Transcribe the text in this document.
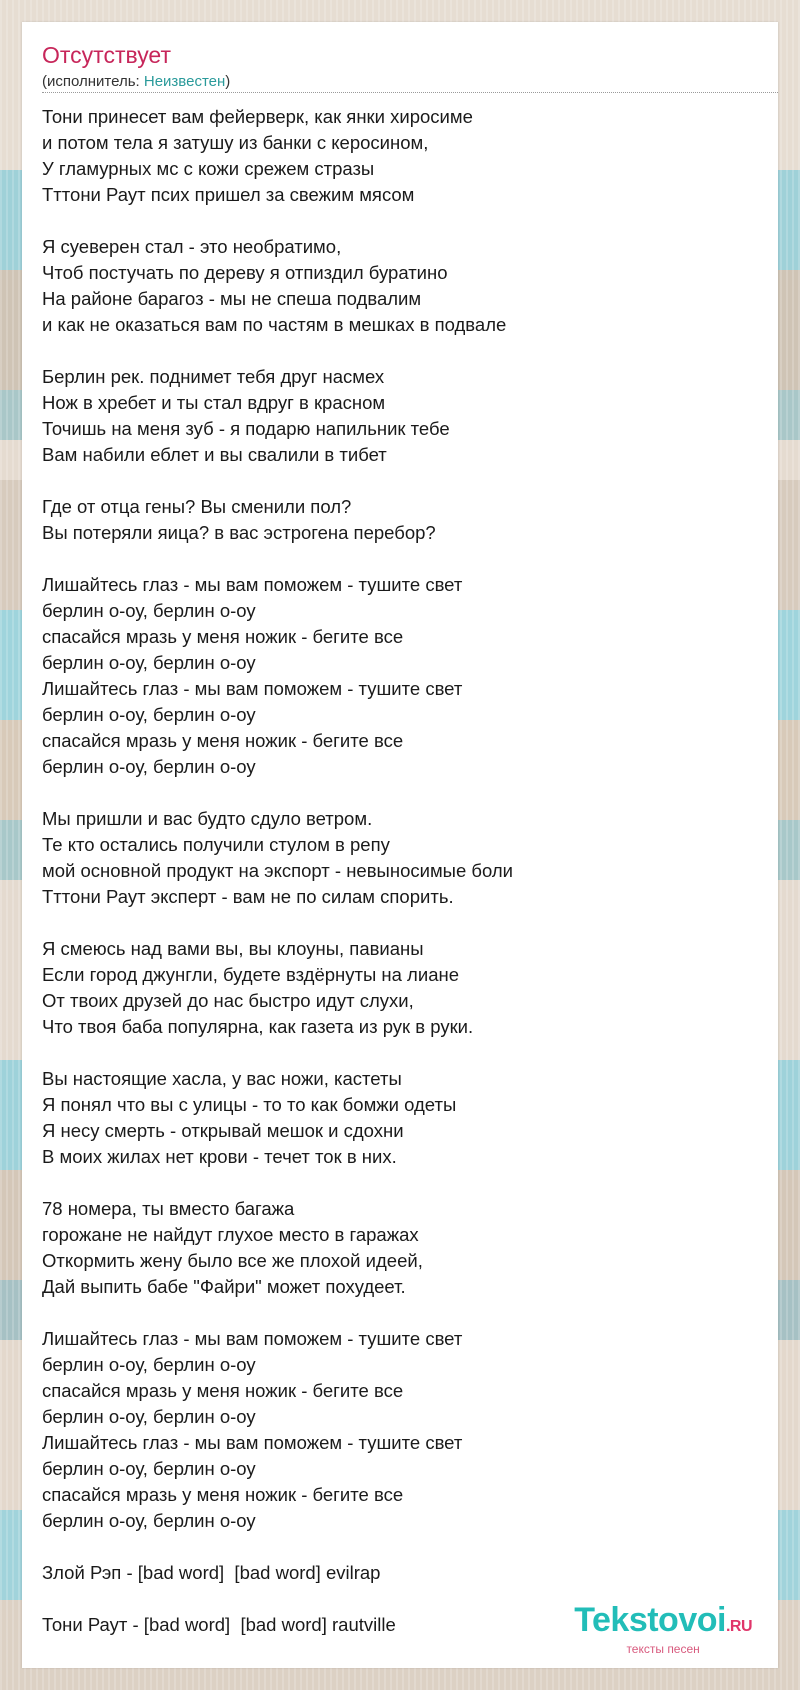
Отсутствует
(исполнитель: Неизвестен)
Тони принесет вам фейерверк, как янки хиросиме
и потом тела я затушу из банки с керосином,
У гламурных мс с кожи срежем стразы
Тттони Раут псих пришел за свежим мясом
Я суеверен стал - это необратимо,
Чтоб постучать по дереву я отпиздил буратино
На районе барагоз - мы не спеша подвалим
и как не оказаться вам по частям в мешках в подвале
Берлин рек. поднимет тебя друг насмех
Нож в хребет и ты стал вдруг в красном
Точишь на меня зуб - я подарю напильник тебе
Вам набили еблет и вы свалили в тибет
Где от отца гены? Вы сменили пол?
Вы потеряли яица? в вас эстрогена перебор?
Лишайтесь глаз - мы вам поможем - тушите свет
берлин о-оу, берлин о-оу
спасайся мразь у меня ножик - бегите все
берлин о-оу, берлин о-оу
Лишайтесь глаз - мы вам поможем - тушите свет
берлин о-оу, берлин о-оу
спасайся мразь у меня ножик - бегите все
берлин о-оу, берлин о-оу
Мы пришли и вас будто сдуло ветром.
Те кто остались получили стулом в репу
мой основной продукт на экспорт - невыносимые боли
Тттони Раут эксперт - вам не по силам спорить.
Я смеюсь над вами вы, вы клоуны, павианы
Если город джунгли, будете вздёрнуты на лиане
От твоих друзей до нас быстро идут слухи,
Что твоя баба популярна, как газета из рук в руки.
Вы настоящие хасла, у вас ножи, кастеты
Я понял что вы с улицы - то то как бомжи одеты
Я несу смерть - открывай мешок и сдохни
В моих жилах нет крови - течет ток в них.
78 номера, ты вместо багажа
горожане не найдут глухое место в гаражах
Откормить жену было все же плохой идеей,
Дай выпить бабе "Файри" может похудеет.
Лишайтесь глаз - мы вам поможем - тушите свет
берлин о-оу, берлин о-оу
спасайся мразь у меня ножик - бегите все
берлин о-оу, берлин о-оу
Лишайтесь глаз - мы вам поможем - тушите свет
берлин о-оу, берлин о-оу
спасайся мразь у меня ножик - бегите все
берлин о-оу, берлин о-оу
Злой Рэп - [bad word]  [bad word] evilrap
Тони Раут - [bad word]  [bad word] rautville	Tekstovoi.RU
тексты песен
